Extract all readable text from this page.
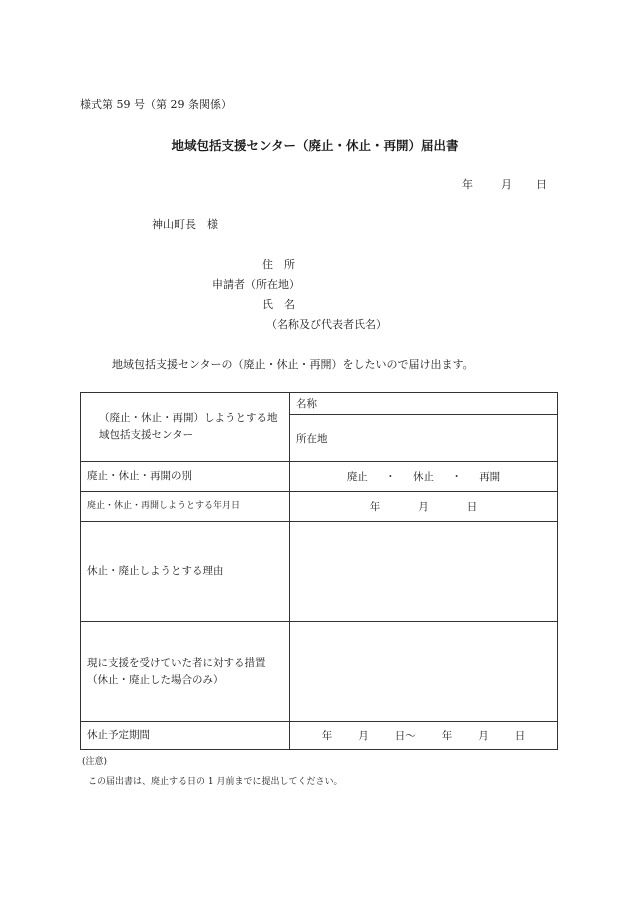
様式第 59 号（第 29 条関係）
地域包括支援センター（廃止・休止・再開）届出書
年	月 日
神山町長　様
住　所
申請者（所在地）
氏　名
（名称及び代表者氏名）
地域包括支援センターの（廃止・休止・再開）をしたいので届け出ます。
（廃止・休止・再開）しようとする地域包括支援センター	名称
	所在地
廃止・休止・再開の別	廃止 ・ 休止 ・ 再開
廃止・休止・再開しようとする年月日	年 月 日
休止・廃止しようとする理由	
現に支援を受けていた者に対する措置（休止・廃止した場合のみ）	
休止予定期間	年 月 日〜 年 月 日
(注意)
この届出書は、廃止する日の 1 月前までに提出してください。
